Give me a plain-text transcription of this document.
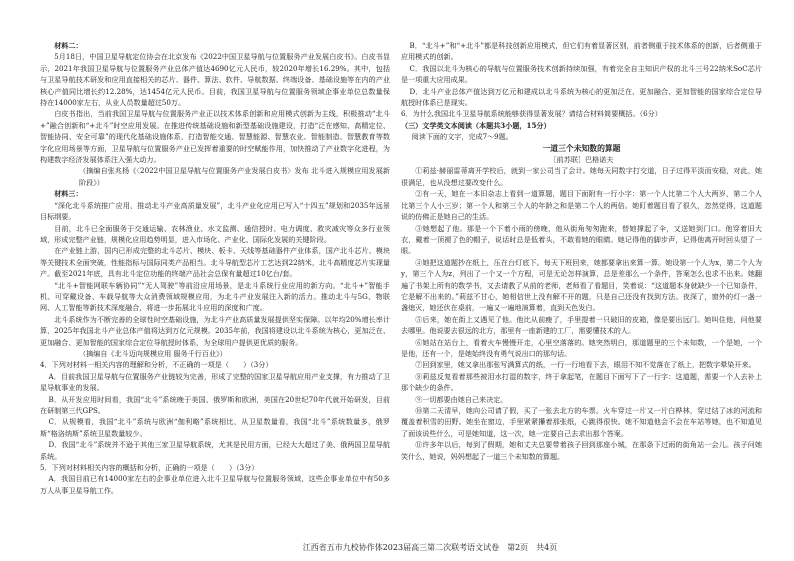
材料二：

5月18日，中国卫星导航定位协会在北京发布《2022中国卫星导航与位置服务产业发展白皮书》。白皮书显示，2021年我国卫星导航与位置服务产业总体产值达4690亿元人民币，较2020年增长16.29%。其中，包括与卫星导航技术研发和应用直接相关的芯片、器件、算法、软件、导航数据、终端设备、基础设施等在内的产业核心产值同比增长约12.28%，达1454亿元人民币。目前，我国卫星导航与位置服务领域企事业单位总数量保持在14000家左右，从业人员数量超过50万。

白皮书指出，当前我国卫星导航与位置服务产业正以技术体系创新和应用模式创新为主线，积极推动“北斗+”融合创新和“+北斗”时空应用发展。在推进传统基础设施和新型基础设施建设，打造“泛在感知、高精定位、智能协同、安全可靠”的现代化基础设施体系，打造智能交通、智慧能源、智慧农业、智能制造、智慧教育等数字化应用场景等方面，卫星导航与位置服务产业已发挥着重要的时空赋能作用，加快推动了产业数字化进程，为构建数字经济发展体系注入强大动力。

（摘编自张兆杨《〈2022中国卫星导航与位置服务产业发展白皮书〉发布 北斗进入规模应用发展新阶段》）

材料三：

“深化北斗系统推广应用，推动北斗产业高质量发展”，北斗产业化应用已写入“十四五”规划和2035年远景目标纲要。

目前，北斗已全面服务于交通运输、农林渔业、水文监测、通信授时、电力调度、救灾减灾等众多行业领域，形成完整产业链，规模化应用趋势明显，进入市场化、产业化、国际化发展的关键阶段。

在产业链上游，国内已形成完整的北斗芯片、模块、板卡、天线等基础器件产业体系，国产北斗芯片、模块等关键技术全面突破，性能指标与国际同类产品相当。北斗导航型芯片工艺达到22纳米，北斗高精度芯片实现量产。截至2021年底，具有北斗定位功能的终端产品社会总保有量超过10亿台/套。

“北斗+智能网联车辆协同”“无人驾驶”等前沿应用场景，是北斗系统行业应用的新方向。“北斗+”智能手机、可穿戴设备、车载导航等大众消费领域规模应用，为北斗产业发展注入新的活力。推动北斗与5G、物联网、人工智能等新技术深度融合，将进一步拓展北斗应用的深度和广度。

北斗系统作为不断完善的全球性时空基础设施，为北斗产业高质量发展提供坚实保障。以年均20%增长率计算，2025年我国北斗产业总体产值将达到万亿元规模。2035年前，我国将建设以北斗系统为核心，更加泛在、更加融合、更加智能的国家综合定位导航授时体系，为全球用户提供更优质的服务。

（摘编自《北斗迈向规模应用 服务千行百业》）

4．下列对材料一相关内容的理解和分析，不正确的一项是（　　）（3分）

A．目前我国卫星导航与位置服务产业链较为完善，形成了完整的国家卫星导航应用产业支撑，有力推动了卫星导航事业的发展。

B．从开发应用时间看，我国“北斗”系统晚于美国、俄罗斯和欧洲，美国在20世纪70年代就开始研发，目前在研制第三代GPS。

C．从规模看，我国“北斗”系统与欧洲“伽利略”系统相比，从卫星数量看，我国“北斗”系统数量多，俄罗斯“格洛纳斯”系统卫星数量较少。

D．我国“北斗”系统并不逊于其他三家卫星导航系统，尤其是民用方面，已经大大超过了美、俄两国卫星导航系统。

5．下列对材料相关内容的概括和分析，正确的一项是（　　）（3分）

A．我国目前已有14000家左右的企事业单位进入北斗卫星导航与位置服务领域，这些企事业单位中有50多万人从事卫星导航工作。

B．“北斗+”和“+北斗”都是科技创新应用模式，但它们有着显著区别，前者侧重于技术体系的创新，后者侧重于应用模式的创新。

C．我国以北斗为核心的导航与位置服务技术创新持续加强，有着完全自主知识产权的北斗三号22纳米SoC芯片是一项重大应用成果。

D．北斗产业总体产值达到万亿元和建成以北斗系统为核心的更加泛在、更加融合、更加智能的国家综合定位导航授时体系已是现实。

6．为什么我国北斗卫星导航系统能够获得显著发展？请结合材料简要概括。（6分）

（三）文学类文本阅读（本题共3小题，15分）

阅读下面的文字，完成7～9题。

一道三个未知数的算题

［前苏联］巴格诺夫

①莉兹·赫丽雷蒂离开学校后，就到一家公司当了会计。她每天同数字打交道，日子过得平淡而安稳，对此，她很满足，也从没想过要改变什么。

②有一天，她在一本旧杂志上看到一道算题，题目下面附有一行小字：第一个人比第二个人大两岁，第二个人比第三个人小三岁；第一个人和第三个人的年龄之和是第二个人的两倍。她盯着题目看了很久，忽然觉得，这道题说的仿佛正是她自己的生活。

③她想起了他。那是一个下着小雨的傍晚，他从街角匆匆跑来，替她撑起了伞，又送她到门口。他穿着旧大衣，戴着一顶褪了色的帽子，说话时总是低着头，不敢看她的眼睛。她记得他的脚步声，记得他离开时回头望了一眼。

④她把这道题抄在纸上，压在台灯底下。每天下班回来，她都要拿出来算一算。她设第一个人为x，第二个人为y，第三个人为z，列出了一个又一个方程，可是无论怎样演算，总是差那么一个条件，答案怎么也求不出来。她翻遍了书架上所有的数学书，又去请教了从前的老师，老师看了看题目，笑着说：“这道题本身就缺少一个已知条件，它是解不出来的。”莉兹不甘心，她相信世上没有解不开的题，只是自己还没有找到方法。夜深了，窗外的灯一盏一盏熄灭，她还伏在桌前，一遍又一遍地演算着，直到天色发白。

⑤后来，她在街上又遇见了他。他比从前瘦了，手里提着一只破旧的皮箱，像是要出远门。她叫住他，问他要去哪里。他说要去很远的北方，那里有一座新建的工厂，需要懂技术的人。

⑥她站在站台上，看着火车慢慢开走，心里空落落的。她突然明白，那道题里的三个未知数，一个是她，一个是他，还有一个，是她始终没有勇气说出口的那句话。

⑦回到家里，她又拿出那张写满算式的纸，一行一行地看下去，眼泪不知不觉落在了纸上，把数字晕染开来。

⑧莉兹反复看着那些被泪水打湿的数字，终于拿起笔，在题目下面写下了一行字：这道题，需要一个人去补上那个缺少的条件。

⑨一切都要由她自己来决定。

⑩第二天清早，她向公司请了假，买了一张去北方的车票。火车穿过一片又一片白桦林，穿过结了冰的河流和覆盖着积雪的田野。她坐在窗边，手里紧紧攥着那张纸，心跳得很快。她不知道他会不会在车站等她，也不知道见了面该说些什么，可是她知道，这一次，她一定要自己去求出那个答案。

⑪许多年以后，每到了假期，她和丈夫总要带着孩子回到那座小城，在那条下过雨的街角站一会儿。孩子问她笑什么，她说，妈妈想起了一道三个未知数的算题。

江西省五市九校协作体2023届高三第二次联考语文试卷　第2页　共4页
